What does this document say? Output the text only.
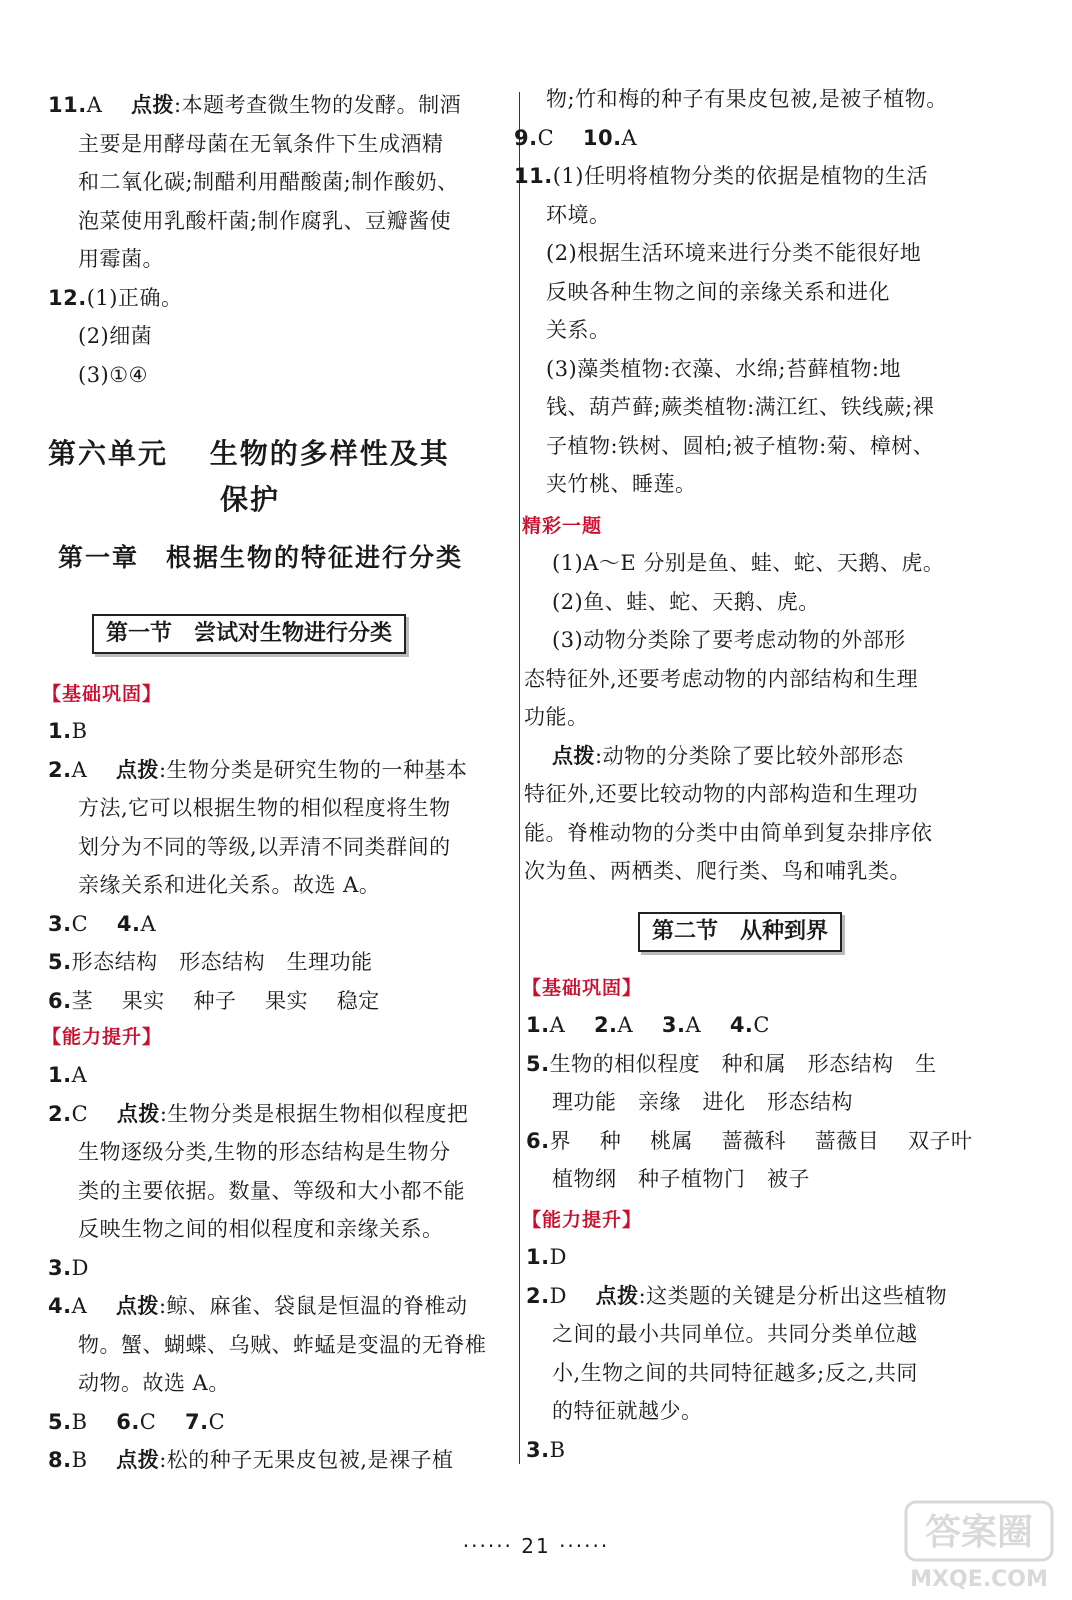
11.A　 点拨:本题考查微生物的发酵。制酒
主要是用酵母菌在无氧条件下生成酒精
和二氧化碳;制醋利用醋酸菌;制作酸奶、
泡菜使用乳酸杆菌;制作腐乳、豆瓣酱使
用霉菌。
12.(1)正确。
(2)细菌
(3)①④
第六单元　 生物的多样性及其
保护
第一章　根据生物的特征进行分类
第一节　尝试对生物进行分类
【基础巩固】
1.B
2.A　 点拨:生物分类是研究生物的一种基本
方法,它可以根据生物的相似程度将生物
划分为不同的等级,以弄清不同类群间的
亲缘关系和进化关系。故选 A。
3.C　 4.A
5.形态结构　形态结构　生理功能
6.茎　 果实　 种子　 果实　 稳定
【能力提升】
1.A
2.C　 点拨:生物分类是根据生物相似程度把
生物逐级分类,生物的形态结构是生物分
类的主要依据。数量、等级和大小都不能
反映生物之间的相似程度和亲缘关系。
3.D
4.A　 点拨:鲸、麻雀、袋鼠是恒温的脊椎动
物。蟹、蝴蝶、乌贼、蚱蜢是变温的无脊椎
动物。故选 A。
5.B　 6.C　 7.C
8.B　 点拨:松的种子无果皮包被,是裸子植
物;竹和梅的种子有果皮包被,是被子植物。
9.C　 10.A
11.(1)任明将植物分类的依据是植物的生活
环境。
(2)根据生活环境来进行分类不能很好地
反映各种生物之间的亲缘关系和进化
关系。
(3)藻类植物:衣藻、水绵;苔藓植物:地
钱、葫芦藓;蕨类植物:满江红、铁线蕨;裸
子植物:铁树、圆柏;被子植物:菊、樟树、
夹竹桃、睡莲。
精彩一题
(1)A～E 分别是鱼、蛙、蛇、天鹅、虎。
(2)鱼、蛙、蛇、天鹅、虎。
(3)动物分类除了要考虑动物的外部形
态特征外,还要考虑动物的内部结构和生理
功能。
点拨:动物的分类除了要比较外部形态
特征外,还要比较动物的内部构造和生理功
能。脊椎动物的分类中由简单到复杂排序依
次为鱼、两栖类、爬行类、鸟和哺乳类。
第二节　从种到界
【基础巩固】
1.A　 2.A　 3.A　 4.C
5.生物的相似程度　种和属　形态结构　生
理功能　亲缘　进化　形态结构
6.界　 种　 桃属　 蔷薇科　 蔷薇目　 双子叶
植物纲　种子植物门　被子
【能力提升】
1.D
2.D　 点拨:这类题的关键是分析出这些植物
之间的最小共同单位。共同分类单位越
小,生物之间的共同特征越多;反之,共同
的特征就越少。
3.B
······ 21 ······	答案圈
MXQE.COM
